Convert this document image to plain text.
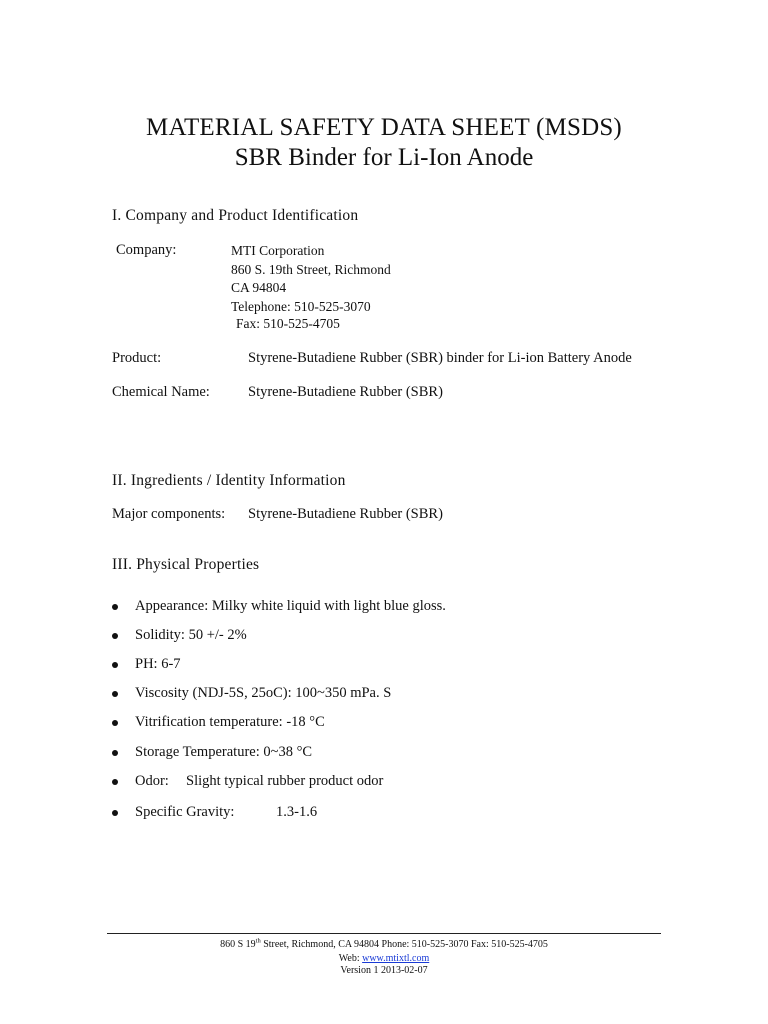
MATERIAL SAFETY DATA SHEET (MSDS)
SBR Binder for Li-Ion Anode
I. Company and Product Identification
Company:	MTI Corporation
860 S. 19th Street, Richmond
CA 94804
Telephone: 510-525-3070
Fax: 510-525-4705
Product:	Styrene-Butadiene Rubber (SBR) binder for Li-ion Battery Anode
Chemical Name:	Styrene-Butadiene Rubber (SBR)
II. Ingredients / Identity Information
Major components: Styrene-Butadiene Rubber (SBR)
III. Physical Properties
Appearance: Milky white liquid with light blue gloss.
Solidity: 50 +/- 2%
PH: 6-7
Viscosity (NDJ-5S, 25oC): 100~350 mPa. S
Vitrification temperature: -18 °C
Storage Temperature: 0~38 °C
Odor: Slight typical rubber product odor
Specific Gravity:	1.3-1.6
860 S 19th Street, Richmond, CA 94804 Phone: 510-525-3070 Fax: 510-525-4705
Web: www.mtixtl.com
Version 1 2013-02-07
